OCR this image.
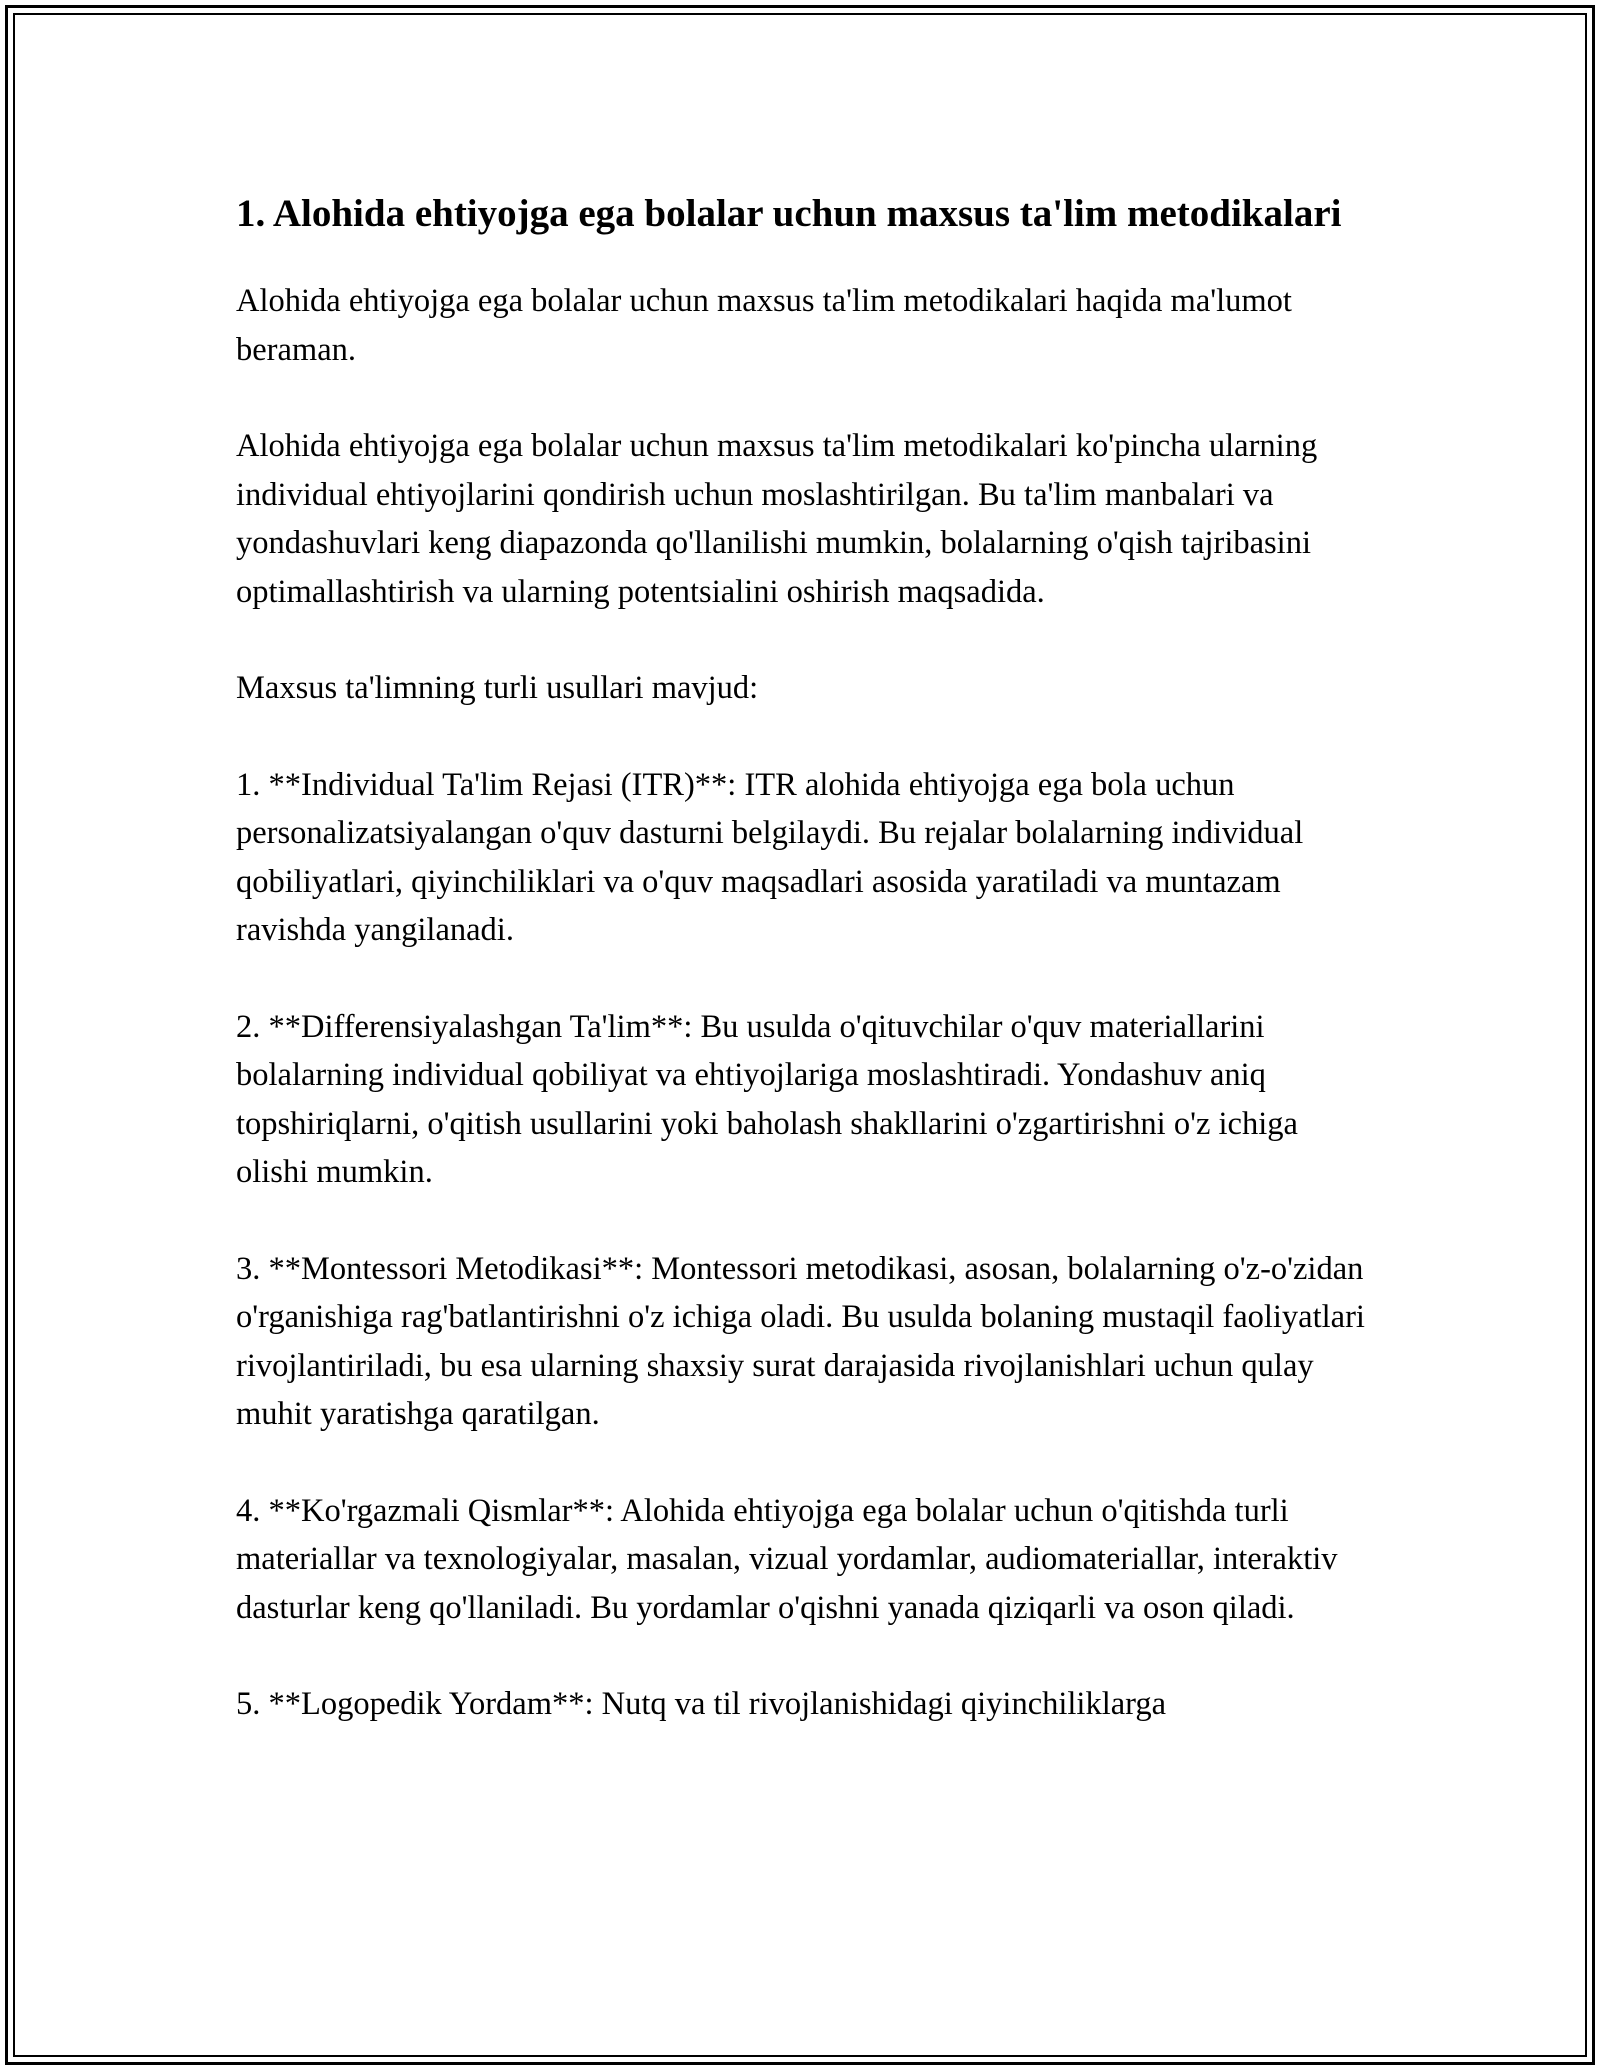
1. Alohida ehtiyojga ega bolalar uchun maxsus ta'lim metodikalari

Alohida ehtiyojga ega bolalar uchun maxsus ta'lim metodikalari haqida ma'lumot beraman.

Alohida ehtiyojga ega bolalar uchun maxsus ta'lim metodikalari ko'pincha ularning individual ehtiyojlarini qondirish uchun moslashtirilgan. Bu ta'lim manbalari va yondashuvlari keng diapazonda qo'llanilishi mumkin, bolalarning o'qish tajribasini optimallashtirish va ularning potentsialini oshirish maqsadida.

Maxsus ta'limning turli usullari mavjud:

1. **Individual Ta'lim Rejasi (ITR)**: ITR alohida ehtiyojga ega bola uchun personalizatsiyalangan o'quv dasturni belgilaydi. Bu rejalar bolalarning individual qobiliyatlari, qiyinchiliklari va o'quv maqsadlari asosida yaratiladi va muntazam ravishda yangilanadi.

2. **Differensiyalashgan Ta'lim**: Bu usulda o'qituvchilar o'quv materiallarini bolalarning individual qobiliyat va ehtiyojlariga moslashtiradi. Yondashuv aniq topshiriqlarni, o'qitish usullarini yoki baholash shakllarini o'zgartirishni o'z ichiga olishi mumkin.

3. **Montessori Metodikasi**: Montessori metodikasi, asosan, bolalarning o'z-o'zidan o'rganishiga rag'batlantirishni o'z ichiga oladi. Bu usulda bolaning mustaqil faoliyatlari rivojlantiriladi, bu esa ularning shaxsiy surat darajasida rivojlanishlari uchun qulay muhit yaratishga qaratilgan.

4. **Ko'rgazmali Qismlar**: Alohida ehtiyojga ega bolalar uchun o'qitishda turli materiallar va texnologiyalar, masalan, vizual yordamlar, audiomateriallar, interaktiv dasturlar keng qo'llaniladi. Bu yordamlar o'qishni yanada qiziqarli va oson qiladi.

5. **Logopedik Yordam**: Nutq va til rivojlanishidagi qiyinchiliklarga
